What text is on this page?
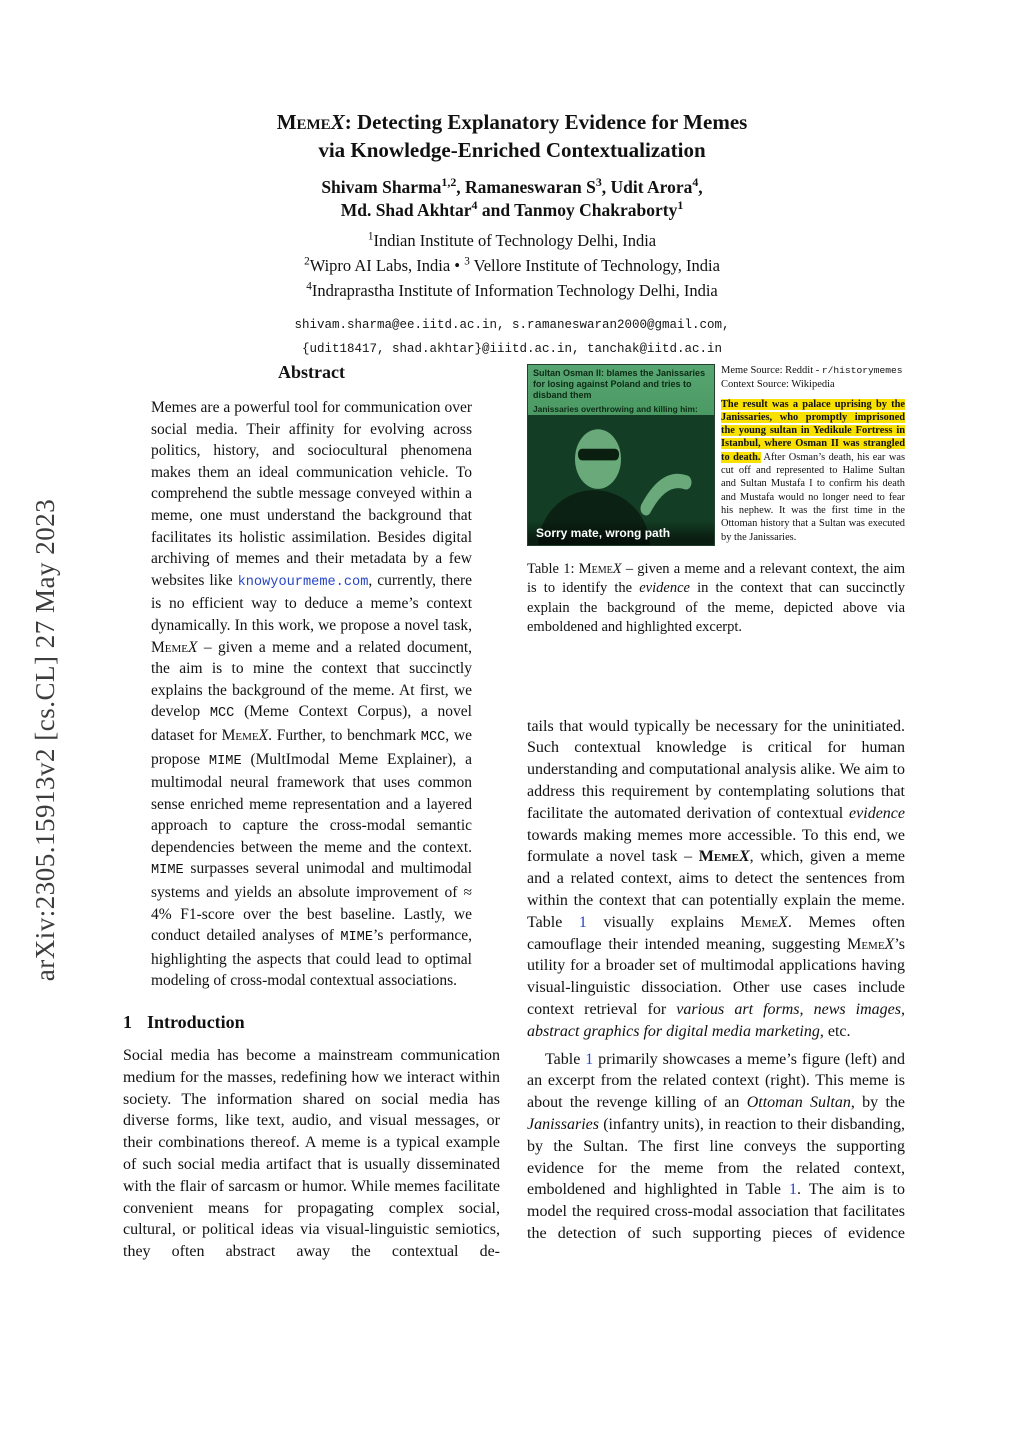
arXiv:2305.15913v2 [cs.CL] 27 May 2023
MemeX: Detecting Explanatory Evidence for Memes
via Knowledge-Enriched Contextualization
Shivam Sharma$^{1,2}$, Ramaneswaran $S^3$, Udit Arora$^4$,
Md. Shad Akhtar$^4$ and Tanmoy Chakraborty$^1$
$^1$Indian Institute of Technology Delhi, India
$^2$Wipro AI Labs, India • $^3$ Vellore Institute of Technology, India
$^4$Indraprastha Institute of Information Technology Delhi, India
shivam.sharma@ee.iitd.ac.in, s.ramaneswaran2000@gmail.com,
{udit18417, shad.akhtar}@iiitd.ac.in, tanchak@iitd.ac.in
Abstract

Memes are a powerful tool for communication over social media. Their affinity for evolving across politics, history, and sociocultural phenomena makes them an ideal communication vehicle. To comprehend the subtle message conveyed within a meme, one must understand the background that facilitates its holistic assimilation. Besides digital archiving of memes and their metadata by a few websites like knowyourmeme.com, currently, there is no efficient way to deduce a meme’s context dynamically. In this work, we propose a novel task, MemeX – given a meme and a related document, the aim is to mine the context that succinctly explains the background of the meme. At first, we develop MCC (Meme Context Corpus), a novel dataset for MemeX. Further, to benchmark MCC, we propose MIME (MultImodal Meme Explainer), a multimodal neural framework that uses common sense enriched meme representation and a layered approach to capture the cross-modal semantic dependencies between the meme and the context. MIME surpasses several unimodal and multimodal systems and yields an absolute improvement of ≈ 4% F1-score over the best baseline. Lastly, we conduct detailed analyses of MIME’s performance, highlighting the aspects that could lead to optimal modeling of cross-modal contextual associations.

1 Introduction

Social media has become a mainstream communication medium for the masses, redefining how we interact within society. The information shared on social media has diverse forms, like text, audio, and visual messages, or their combinations thereof. A meme is a typical example of such social media artifact that is usually disseminated with the flair of sarcasm or humor. While memes facilitate convenient means for propagating complex social, cultural, or political ideas via visual-linguistic semiotics, they often abstract away the contextual de-

Sultan Osman II: blames the Janissaries for losing against Poland and tries to disband them
Janissaries overthrowing and killing him:
Sorry mate, wrong path
Meme Source: Reddit - r/historymemes
Context Source: Wikipedia
The result was a palace uprising by the Janissaries, who promptly imprisoned the young sultan in Yedikule Fortress in Istanbul, where Osman II was strangled to death. After Osman’s death, his ear was cut off and represented to Halime Sultan and Sultan Mustafa I to confirm his death and Mustafa would no longer need to fear his nephew. It was the first time in the Ottoman history that a Sultan was executed by the Janissaries.
Table 1: MemeX – given a meme and a relevant context, the aim is to identify the evidence in the context that can succinctly explain the background of the meme, depicted above via emboldened and highlighted excerpt.

tails that would typically be necessary for the uninitiated. Such contextual knowledge is critical for human understanding and computational analysis alike. We aim to address this requirement by contemplating solutions that facilitate the automated derivation of contextual evidence towards making memes more accessible. To this end, we formulate a novel task – MemeX, which, given a meme and a related context, aims to detect the sentences from within the context that can potentially explain the meme. Table 1 visually explains MemeX. Memes often camouflage their intended meaning, suggesting MemeX’s utility for a broader set of multimodal applications having visual-linguistic dissociation. Other use cases include context retrieval for various art forms, news images, abstract graphics for digital media marketing, etc.

Table 1 primarily showcases a meme’s figure (left) and an excerpt from the related context (right). This meme is about the revenge killing of an Ottoman Sultan, by the Janissaries (infantry units), in reaction to their disbanding, by the Sultan. The first line conveys the supporting evidence for the meme from the related context, emboldened and highlighted in Table 1. The aim is to model the required cross-modal association that facilitates the detection of such supporting pieces of evidence
